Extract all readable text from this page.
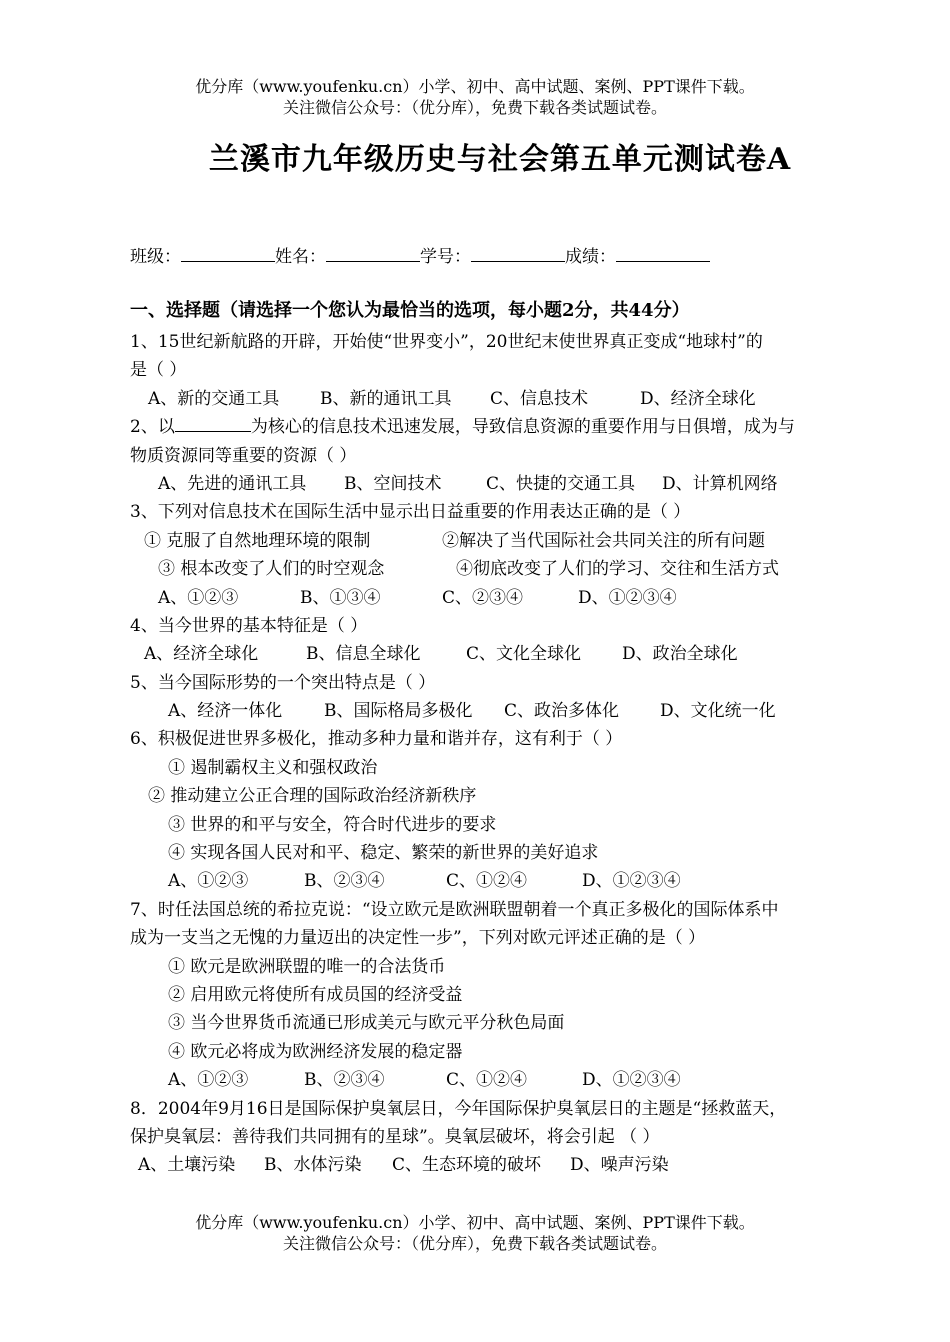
优分库（www.youfenku.cn）小学、初中、高中试题、案例、PPT课件下载。
关注微信公众号：（优分库），免费下载各类试题试卷。
兰溪市九年级历史与社会第五单元测试卷A
班级：	姓名：	学号：	成绩：
一、选择题（请选择一个您认为最恰当的选项，每小题2分，共44分）
1、15世纪新航路的开辟，开始使“世界变小”，20世纪末使世界真正变成“地球村”的
是（ ）
A、新的交通工具 B、新的通讯工具 C、信息技术	D、经济全球化
2、以	为核心的信息技术迅速发展，导致信息资源的重要作用与日俱增，成为与
物质资源同等重要的资源（ ）
A、先进的通讯工具 B、空间技术	C、快捷的交通工具 D、计算机网络
3、下列对信息技术在国际生活中显示出日益重要的作用表达正确的是（ ）
① 克服了自然地理环境的限制	②解决了当代国际社会共同关注的所有问题
③ 根本改变了人们的时空观念	④彻底改变了人们的学习、交往和生活方式
A、①②③	B、①③④	C、②③④	D、①②③④
4、当今世界的基本特征是（ ）
A、经济全球化	B、信息全球化	C、文化全球化 D、政治全球化
5、当今国际形势的一个突出特点是（ ）
A、经济一体化 B、国际格局多极化 C、政治多体化 D、文化统一化
6、积极促进世界多极化，推动多种力量和谐并存，这有利于（ ）
① 遏制霸权主义和强权政治
② 推动建立公正合理的国际政治经济新秩序
③ 世界的和平与安全，符合时代进步的要求
④ 实现各国人民对和平、稳定、繁荣的新世界的美好追求
A、①②③	B、②③④	C、①②④	D、①②③④
7、时任法国总统的希拉克说：“设立欧元是欧洲联盟朝着一个真正多极化的国际体系中
成为一支当之无愧的力量迈出的决定性一步”，下列对欧元评述正确的是（ ）
① 欧元是欧洲联盟的唯一的合法货币
② 启用欧元将使所有成员国的经济受益
③ 当今世界货币流通已形成美元与欧元平分秋色局面
④ 欧元必将成为欧洲经济发展的稳定器
A、①②③	B、②③④	C、①②④	D、①②③④
8．2004年9月16日是国际保护臭氧层日，今年国际保护臭氧层日的主题是“拯救蓝天，
保护臭氧层：善待我们共同拥有的星球”。臭氧层破坏，将会引起 （ ）
A、土壤污染 B、水体污染 C、生态环境的破坏 D、噪声污染
优分库（www.youfenku.cn）小学、初中、高中试题、案例、PPT课件下载。
关注微信公众号：（优分库），免费下载各类试题试卷。
